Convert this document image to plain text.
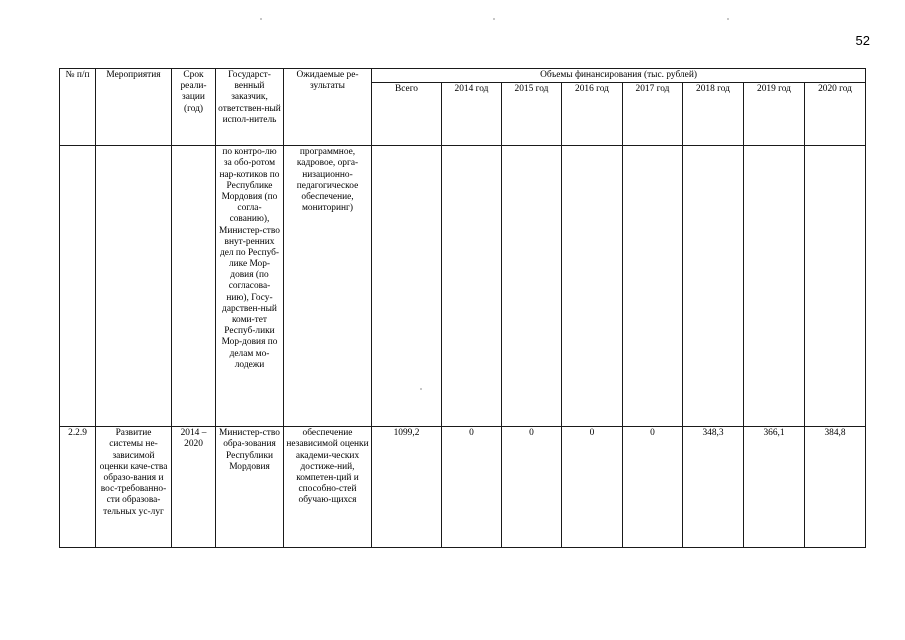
52
№ п/п	Мероприятия	Срок реали-зации (год)	Государст-венный заказчик, ответствен-ный испол-нитель	Ожидаемые ре-зультаты	Объемы финансирования (тыс. рублей)							
					Всего	2014 год	2015 год	2016 год	2017 год	2018 год	2019 год	2020 год
			по контро-лю за обо-ротом нар-котиков по Республике Мордовия (по согла-сованию), Министер-ство внут-ренних дел по Респуб-лике Мор-довия (по согласова-нию), Госу-дарствен-ный коми-тет Респуб-лики Мор-довия по делам мо-лодежи	программное, кадровое, орга-низационно-педагогическое обеспечение, мониторинг)								
2.2.9	Развитие системы не-зависимой оценки каче-ства образо-вания и вос-требованно-сти образова-тельных ус-луг	2014 – 2020	Министер-ство обра-зования Республики Мордовия	обеспечение независимой оценки академи-ческих достиже-ний, компетен-ций и способно-стей обучаю-щихся	1099,2	0	0	0	0	348,3	366,1	384,8
